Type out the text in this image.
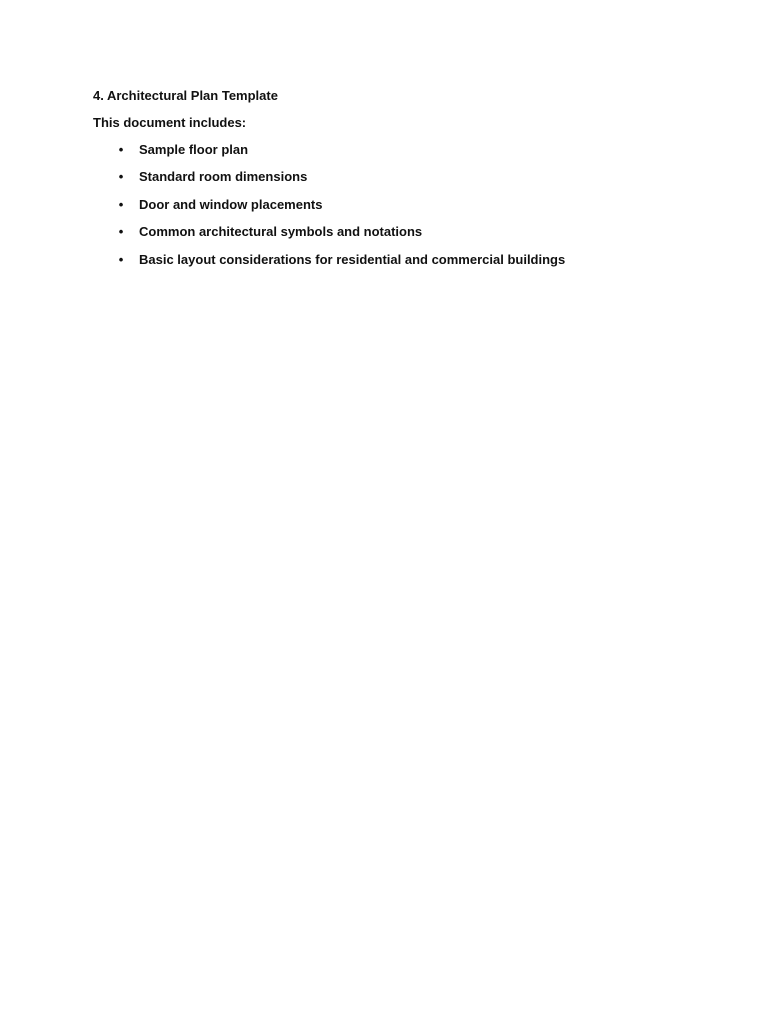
4. Architectural Plan Template

This document includes:

• Sample floor plan
• Standard room dimensions
• Door and window placements
• Common architectural symbols and notations
• Basic layout considerations for residential and commercial buildings
